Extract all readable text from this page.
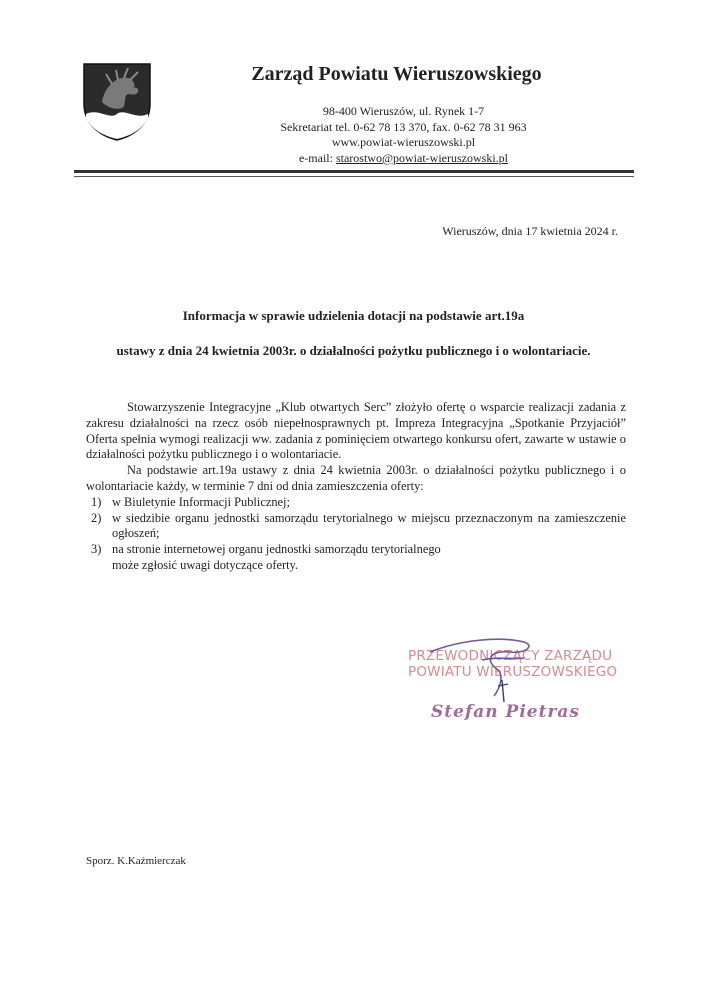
Zarząd Powiatu Wieruszowskiego
98-400 Wieruszów, ul. Rynek 1-7
Sekretariat tel. 0-62 78 13 370, fax. 0-62 78 31 963
www.powiat-wieruszowski.pl
e-mail: starostwo@powiat-wieruszowski.pl
Wieruszów, dnia 17 kwietnia 2024 r.
Informacja w sprawie udzielenia dotacji na podstawie art.19a
ustawy z dnia 24 kwietnia 2003r. o działalności pożytku publicznego i o wolontariacie.

Stowarzyszenie Integracyjne „Klub otwartych Serc” złożyło ofertę o wsparcie realizacji zadania z zakresu działalności na rzecz osób niepełnosprawnych pt. Impreza Integracyjna „Spotkanie Przyjaciół” Oferta spełnia wymogi realizacji ww. zadania z pominięciem otwartego konkursu ofert, zawarte w ustawie o działalności pożytku publicznego i o wolontariacie.

Na podstawie art.19a ustawy z dnia 24 kwietnia 2003r. o działalności pożytku publicznego i o wolontariacie każdy, w terminie 7 dni od dnia zamieszczenia oferty:

1) w Biuletynie Informacji Publicznej;
2) w siedzibie organu jednostki samorządu terytorialnego w miejscu przeznaczonym na zamieszczenie ogłoszeń;
3) na stronie internetowej organu jednostki samorządu terytorialnego

może zgłosić uwagi dotyczące oferty.

PRZEWODNICZĄCY ZARZĄDU
POWIATU WIERUSZOWSKIEGO
Stefan Pietras
Sporz. K.Kaźmierczak
